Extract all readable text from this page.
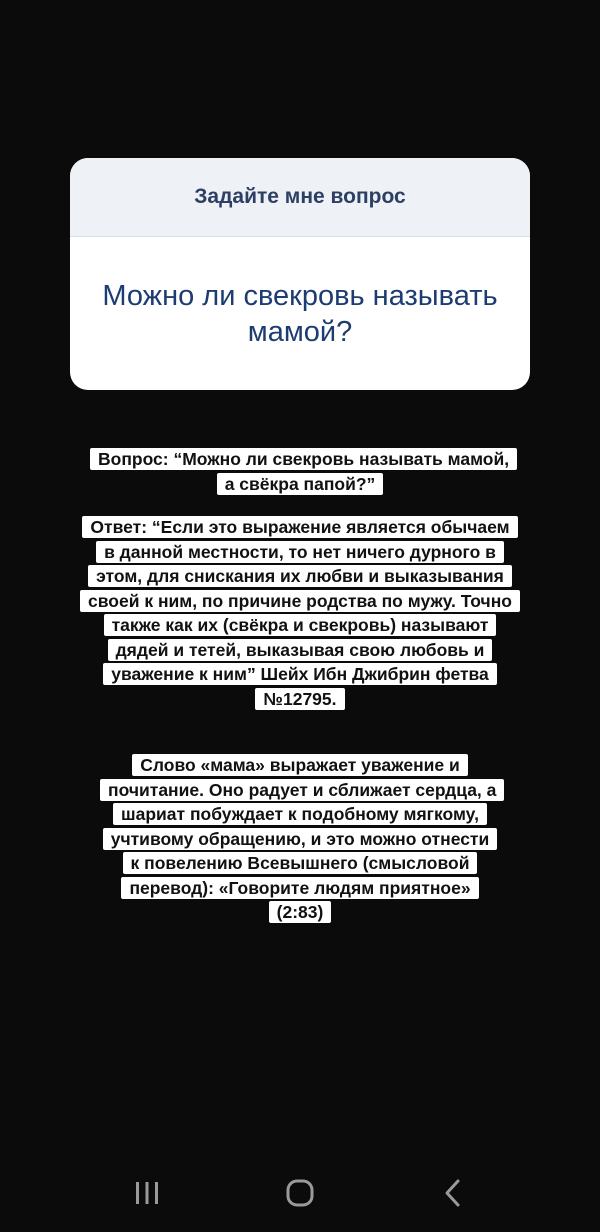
Задайте мне вопрос
Можно ли свекровь называть мамой?
Вопрос: “Можно ли свекровь называть мамой, а свёкра папой?”
Ответ: “Если это выражение является обычаем в данной местности, то нет ничего дурного в этом, для снискания их любви и выказывания своей к ним, по причине родства по мужу. Точно также как их (свёкра и свекровь) называют дядей и тетей, выказывая свою любовь и уважение к ним” Шейх Ибн Джибрин фетва №12795.
Слово «мама» выражает уважение и почитание. Оно радует и сближает сердца, а шариат побуждает к подобному мягкому, учтивому обращению, и это можно отнести к повелению Всевышнего (смысловой перевод): «Говорите людям приятное» (2:83)
